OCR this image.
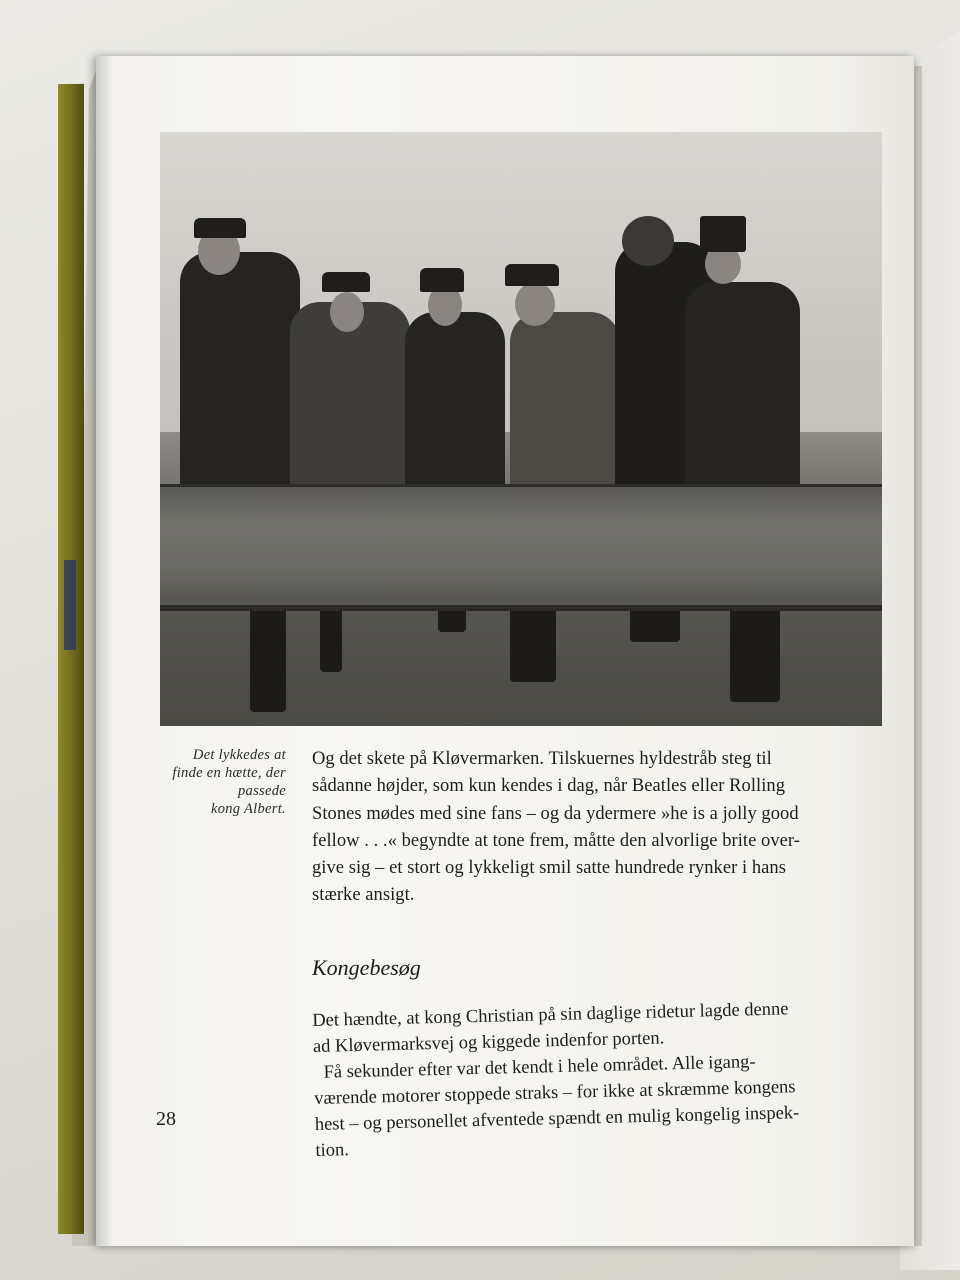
Det lykkedes at
finde en hætte, der
passede
kong Albert.
Og det skete på Kløvermarken. Tilskuernes hyldestråb steg til
sådanne højder, som kun kendes i dag, når Beatles eller Rolling
Stones mødes med sine fans – og da ydermere »he is a jolly good
fellow . . .« begyndte at tone frem, måtte den alvorlige brite over-
give sig – et stort og lykkeligt smil satte hundrede rynker i hans
stærke ansigt.
Kongebesøg
Det hændte, at kong Christian på sin daglige ridetur lagde denne
ad Kløvermarksvej og kiggede indenfor porten.
Få sekunder efter var det kendt i hele området. Alle igang-
værende motorer stoppede straks – for ikke at skræmme kongens
hest – og personellet afventede spændt en mulig kongelig inspek-
tion.
28
